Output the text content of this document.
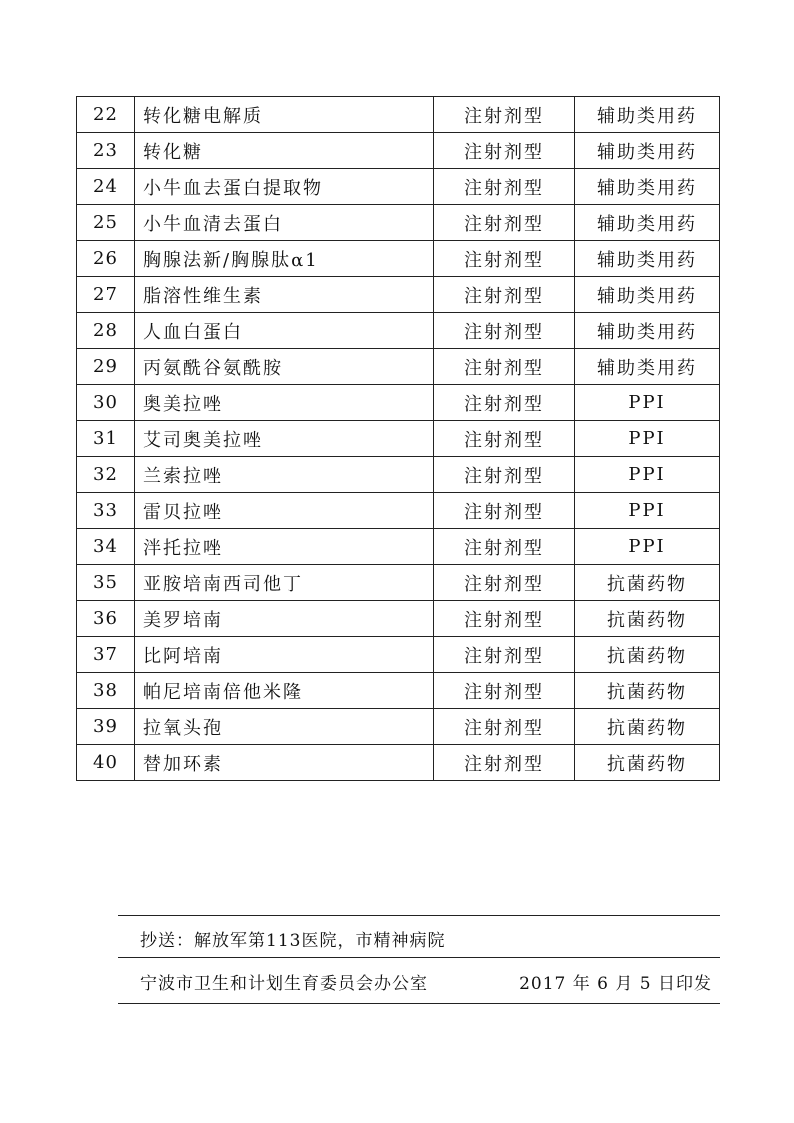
22	转化糖电解质	注射剂型	辅助类用药
23	转化糖	注射剂型	辅助类用药
24	小牛血去蛋白提取物	注射剂型	辅助类用药
25	小牛血清去蛋白	注射剂型	辅助类用药
26	胸腺法新/胸腺肽α1	注射剂型	辅助类用药
27	脂溶性维生素	注射剂型	辅助类用药
28	人血白蛋白	注射剂型	辅助类用药
29	丙氨酰谷氨酰胺	注射剂型	辅助类用药
30	奥美拉唑	注射剂型	PPI
31	艾司奥美拉唑	注射剂型	PPI
32	兰索拉唑	注射剂型	PPI
33	雷贝拉唑	注射剂型	PPI
34	泮托拉唑	注射剂型	PPI
35	亚胺培南西司他丁	注射剂型	抗菌药物
36	美罗培南	注射剂型	抗菌药物
37	比阿培南	注射剂型	抗菌药物
38	帕尼培南倍他米隆	注射剂型	抗菌药物
39	拉氧头孢	注射剂型	抗菌药物
40	替加环素	注射剂型	抗菌药物
抄送：解放军第113医院，市精神病院
宁波市卫生和计划生育委员会办公室	2017 年 6 月 5 日印发
